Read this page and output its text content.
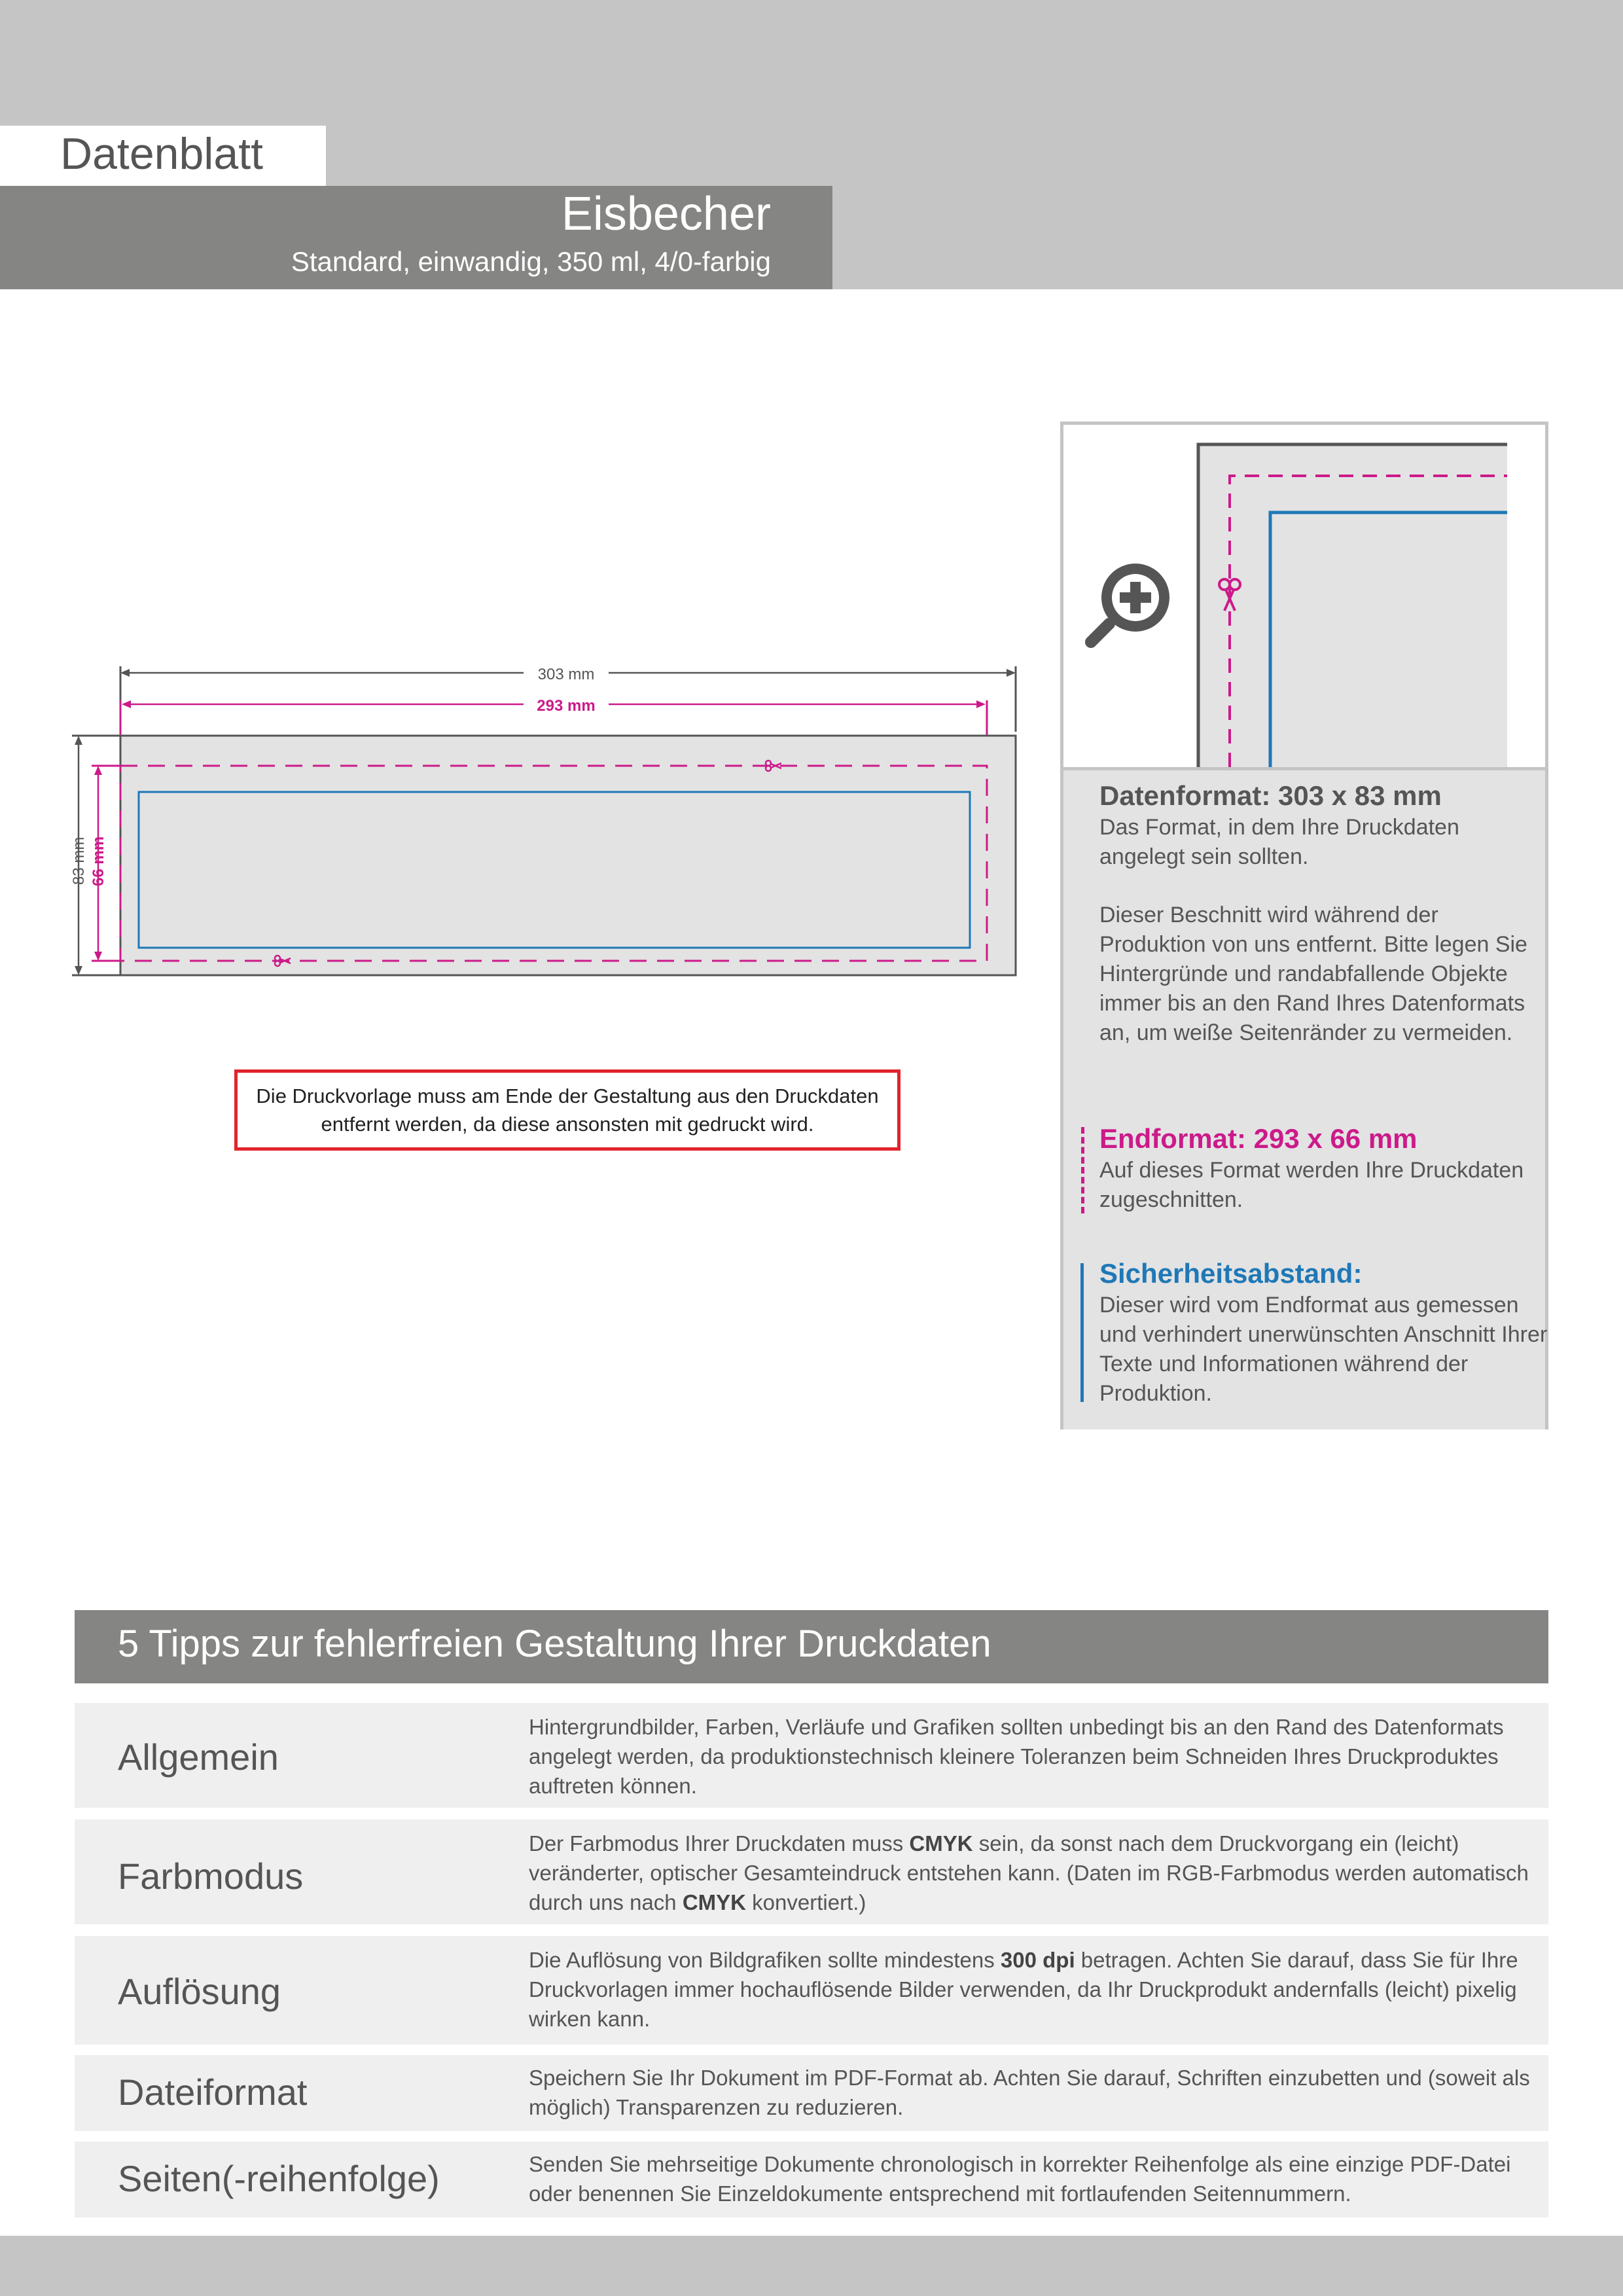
Datenblatt
Eisbecher
Standard, einwandig, 350 ml, 4/0-farbig
303 mm
293 mm
83 mm 66 mm
Die Druckvorlage muss am Ende der Gestaltung aus den Druckdaten entfernt werden, da diese ansonsten mit gedruckt wird.
Datenformat: 303 x 83 mm
Das Format, in dem Ihre Druckdaten angelegt sein sollten.
Dieser Beschnitt wird während der Produktion von uns entfernt. Bitte legen Sie Hintergründe und randabfallende Objekte immer bis an den Rand Ihres Datenformats an, um weiße Seitenränder zu vermeiden.
Endformat: 293 x 66 mm
Auf dieses Format werden Ihre Druckdaten zugeschnitten.
Sicherheitsabstand:
Dieser wird vom Endformat aus gemessen und verhindert unerwünschten Anschnitt Ihrer Texte und Informationen während der Produktion.
5 Tipps zur fehlerfreien Gestaltung Ihrer Druckdaten
Allgemein
Hintergrundbilder, Farben, Verläufe und Grafiken sollten unbedingt bis an den Rand des Datenformats angelegt werden, da produktionstechnisch kleinere Toleranzen beim Schneiden Ihres Druckproduktes auftreten können.
Farbmodus
Der Farbmodus Ihrer Druckdaten muss CMYK sein, da sonst nach dem Druckvorgang ein (leicht) veränderter, optischer Gesamteindruck entstehen kann. (Daten im RGB-Farbmodus werden automatisch durch uns nach CMYK konvertiert.)
Auflösung
Die Auflösung von Bildgrafiken sollte mindestens 300 dpi betragen. Achten Sie darauf, dass Sie für Ihre Druckvorlagen immer hochauflösende Bilder verwenden, da Ihr Druckprodukt andernfalls (leicht) pixelig wirken kann.
Dateiformat	Speichern Sie Ihr Dokument im PDF-Format ab. Achten Sie darauf, Schriften einzubetten und (soweit als möglich) Transparenzen zu reduzieren.
Seiten(-reihenfolge)	Senden Sie mehrseitige Dokumente chronologisch in korrekter Reihenfolge als eine einzige PDF-Datei oder benennen Sie Einzeldokumente entsprechend mit fortlaufenden Seitennummern.
